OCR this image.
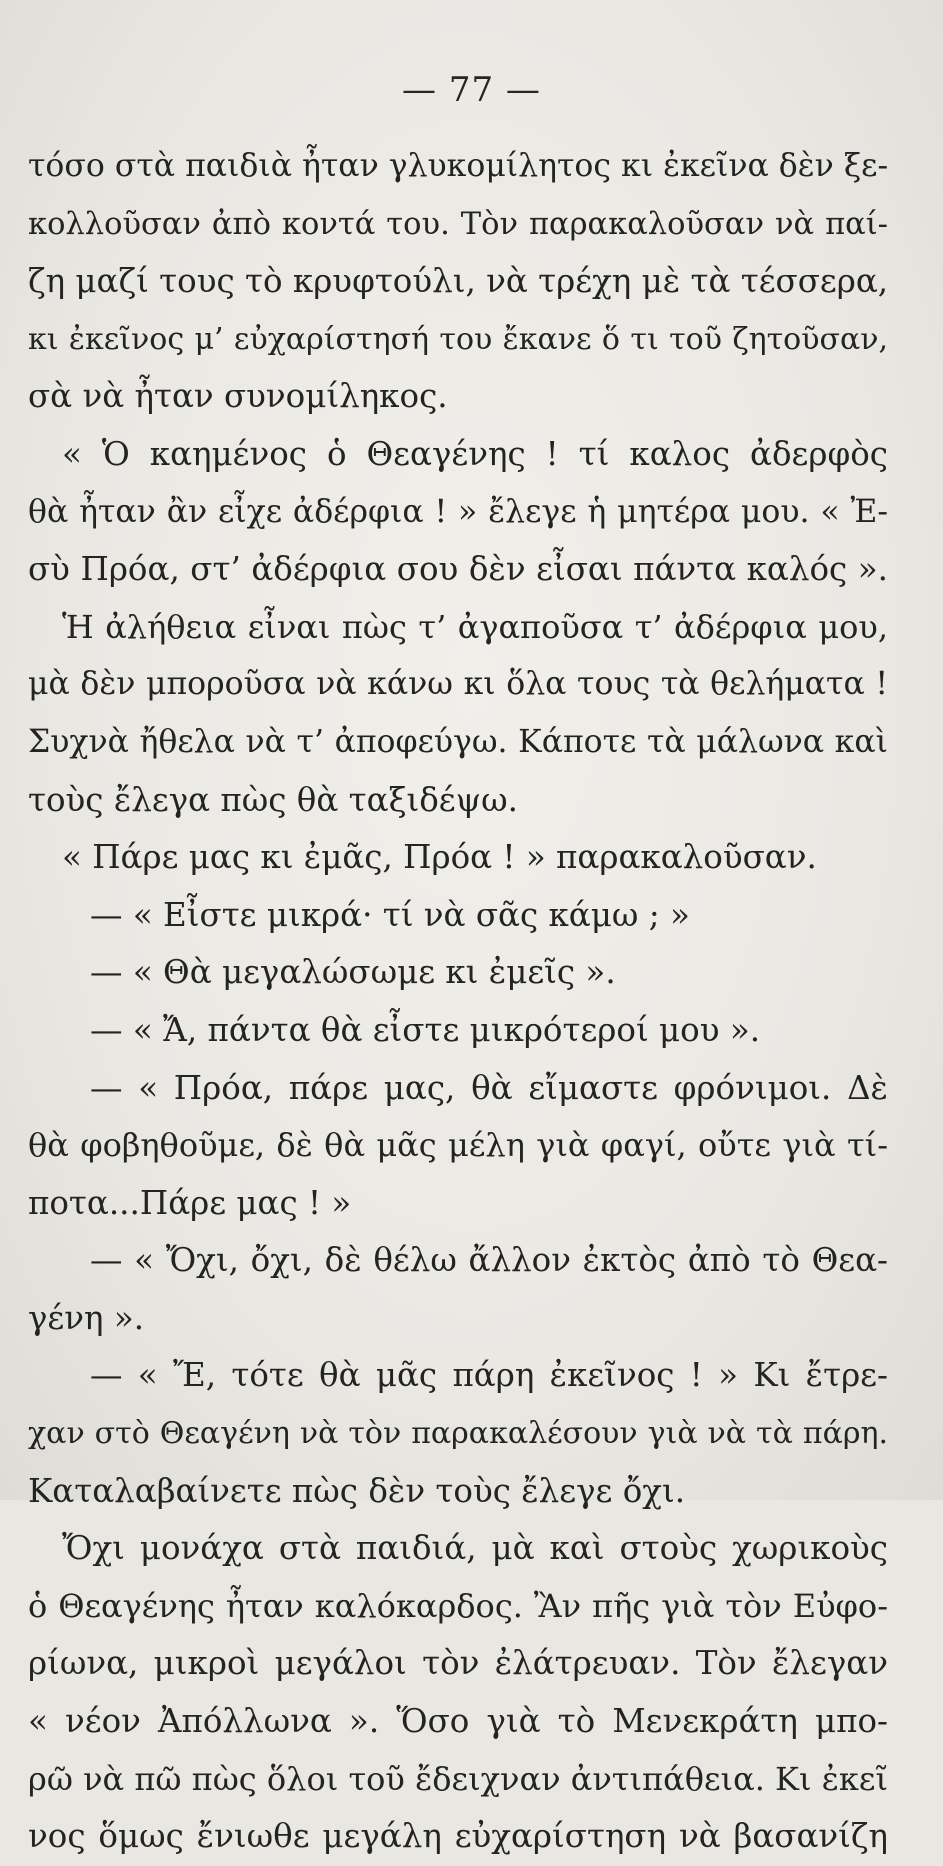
— 77 —
τόσο στὰ παιδιὰ ἦταν γλυκομίλητος κι ἐκεῖνα δὲν ξε-
κολλοῦσαν ἀπὸ κοντά του. Τὸν παρακαλοῦσαν νὰ παί-
ζη μαζί τους τὸ κρυφτούλι, νὰ τρέχη μὲ τὰ τέσσερα,
κι ἐκεῖνος μ’ εὐχαρίστησή του ἔκανε ὅ τι τοῦ ζητοῦσαν,
σὰ νὰ ἦταν συνομίληκος.
« Ὁ καημένος ὁ Θεαγένης ! τί καλος ἀδερφὸς
θὰ ἦταν ἂν εἶχε ἀδέρφια ! » ἔλεγε ἡ μητέρα μου. « Ἐ-
σὺ Πρόα, στ’ ἀδέρφια σου δὲν εἶσαι πάντα καλός ».
Ἡ ἀλήθεια εἶναι πὼς τ’ ἀγαποῦσα τ’ ἀδέρφια μου,
μὰ δὲν μποροῦσα νὰ κάνω κι ὅλα τους τὰ θελήματα !
Συχνὰ ἤθελα νὰ τ’ ἀποφεύγω. Κάποτε τὰ μάλωνα καὶ
τοὺς ἔλεγα πὼς θὰ ταξιδέψω.
« Πάρε μας κι ἐμᾶς, Πρόα ! » παρακαλοῦσαν.
— « Εἶστε μικρά· τί νὰ σᾶς κάμω ; »
— « Θὰ μεγαλώσωμε κι ἐμεῖς ».
— « Ἄ, πάντα θὰ εἶστε μικρότεροί μου ».
— « Πρόα, πάρε μας, θὰ εἴμαστε φρόνιμοι. Δὲ
θὰ φοβηθοῦμε, δὲ θὰ μᾶς μέλη γιὰ φαγί, οὔτε γιὰ τί-
ποτα...Πάρε μας ! »
— « Ὄχι, ὄχι, δὲ θέλω ἄλλον ἐκτὸς ἀπὸ τὸ Θεα-
γένη ».
— « Ἔ, τότε θὰ μᾶς πάρη ἐκεῖνος ! » Κι ἔτρε-
χαν στὸ Θεαγένη νὰ τὸν παρακαλέσουν γιὰ νὰ τὰ πάρη.
Καταλαβαίνετε πὼς δὲν τοὺς ἔλεγε ὄχι.
Ὄχι μονάχα στὰ παιδιά, μὰ καὶ στοὺς χωρικοὺς
ὁ Θεαγένης ἦταν καλόκαρδος. Ἂν πῆς γιὰ τὸν Εὐφο-
ρίωνα, μικροὶ μεγάλοι τὸν ἐλάτρευαν. Τὸν ἔλεγαν
« νέον Ἀπόλλωνα ». Ὅσο γιὰ τὸ Μενεκράτη μπο-
ρῶ νὰ πῶ πὼς ὅλοι τοῦ ἔδειχναν ἀντιπάθεια. Κι ἐκεῖ
νος ὅμως ἔνιωθε μεγάλη εὐχαρίστηση νὰ βασανίζη
